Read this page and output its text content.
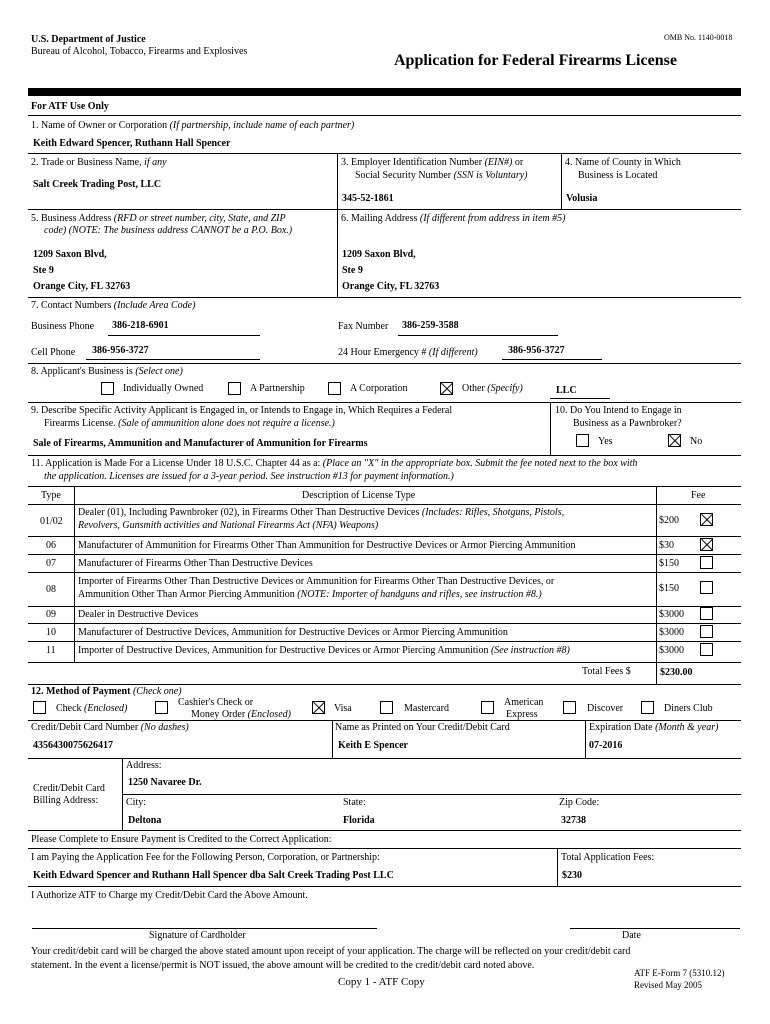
U.S. Department of Justice
Bureau of Alcohol, Tobacco, Firearms and Explosives
OMB No. 1140-0018
Application for Federal Firearms License
For ATF Use Only
1. Name of Owner or Corporation (If partnership, include name of each partner)
Keith Edward Spencer, Ruthann Hall Spencer
2. Trade or Business Name, if any
Salt Creek Trading Post, LLC
3. Employer Identification Number (EIN#) or
Social Security Number (SSN is Voluntary)
345-52-1861
4. Name of County in Which
Business is Located
Volusia
5. Business Address (RFD or street number, city, State, and ZIP
code) (NOTE: The business address CANNOT be a P.O. Box.)
6. Mailing Address (If different from address in item #5)
1209 Saxon Blvd,
Ste 9
Orange City, FL 32763
1209 Saxon Blvd,
Ste 9
Orange City, FL 32763
7. Contact Numbers (Include Area Code)
Business Phone 386-218-6901	Fax Number 386-259-3588
Cell Phone 386-956-3727	24 Hour Emergency # (If different)	386-956-3727
8. Applicant's Business is (Select one)
Individually Owned	A Partnership	A Corporation	Other (Specify)	LLC
9. Describe Specific Activity Applicant is Engaged in, or Intends to Engage in, Which Requires a Federal
Firearms License. (Sale of ammunition alone does not require a license.)
Sale of Firearms, Ammunition and Manufacturer of Ammunition for Firearms
10. Do You Intend to Engage in
Business as a Pawnbroker?
Yes	No
11. Application is Made For a License Under 18 U.S.C. Chapter 44 as a: (Place an "X" in the appropriate box. Submit the fee noted next to the box with
the application. Licenses are issued for a 3-year period. See instruction #13 for payment information.)
Type	Description of License Type	Fee
01/02
Dealer (01), Including Pawnbroker (02), in Firearms Other Than Destructive Devices (Includes: Rifles, Shotguns, Pistols,
Revolvers, Gunsmith activities and National Firearms Act (NFA) Weapons)	$200
06 Manufacturer of Ammunition for Firearms Other Than Ammunition for Destructive Devices or Armor Piercing Ammunition	$30
07 Manufacturer of Firearms Other Than Destructive Devices	$150
08
Importer of Firearms Other Than Destructive Devices or Ammunition for Firearms Other Than Destructive Devices, or
Ammunition Other Than Armor Piercing Ammunition (NOTE: Importer of handguns and rifles, see instruction #8.)
$150
09 Dealer in Destructive Devices	$3000
10 Manufacturer of Destructive Devices, Ammunition for Destructive Devices or Armor Piercing Ammunition	$3000
11 Importer of Destructive Devices, Ammunition for Destructive Devices or Armor Piercing Ammunition (See instruction #8)	$3000
Total Fees $	$230.00
12. Method of Payment (Check one)
Check (Enclosed)
Cashier's Check or
Money Order (Enclosed)
Visa	Mastercard
American
Express
Discover	Diners Club
Credit/Debit Card Number (No dashes)
4356430075626417
Name as Printed on Your Credit/Debit Card
Keith E Spencer
Expiration Date (Month & year)
07-2016
Credit/Debit Card
Billing Address:
Address:
1250 Navaree Dr.
City:
Deltona
State:
Florida
Zip Code:
32738
Please Complete to Ensure Payment is Credited to the Correct Application:
I am Paying the Application Fee for the Following Person, Corporation, or Partnership:	Total Application Fees:
Keith Edward Spencer and Ruthann Hall Spencer dba Salt Creek Trading Post LLC	$230
I Authorize ATF to Charge my Credit/Debit Card the Above Amount.
Signature of Cardholder	Date
Your credit/debit card will be charged the above stated amount upon receipt of your application. The charge will be reflected on your credit/debit card
statement. In the event a license/permit is NOT issued, the above amount will be credited to the credit/debit card noted above.
Copy 1 - ATF Copy
ATF E-Form 7 (5310.12)
Revised May 2005
